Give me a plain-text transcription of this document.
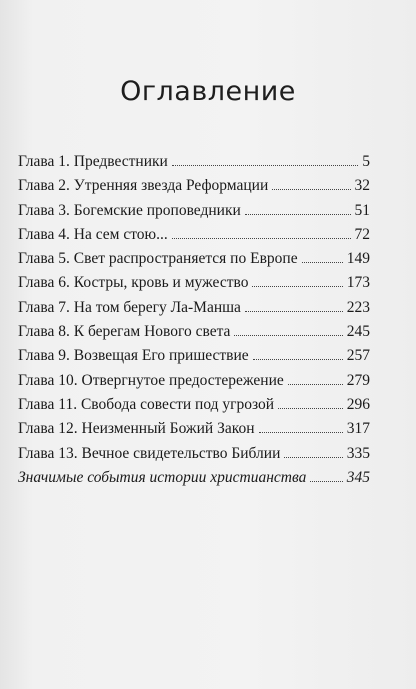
Оглавление
Глава 1. Предвестники	5
Глава 2. Утренняя звезда Реформации	32
Глава 3. Богемские проповедники	51
Глава 4. На сем стою...	72
Глава 5. Свет распространяется по Европе	149
Глава 6. Костры, кровь и мужество	173
Глава 7. На том берегу Ла-Манша	223
Глава 8. К берегам Нового света	245
Глава 9. Возвещая Его пришествие	257
Глава 10. Отвергнутое предостережение	279
Глава 11. Свобода совести под угрозой	296
Глава 12. Неизменный Божий Закон	317
Глава 13. Вечное свидетельство Библии	335
Значимые события истории христианства	345
